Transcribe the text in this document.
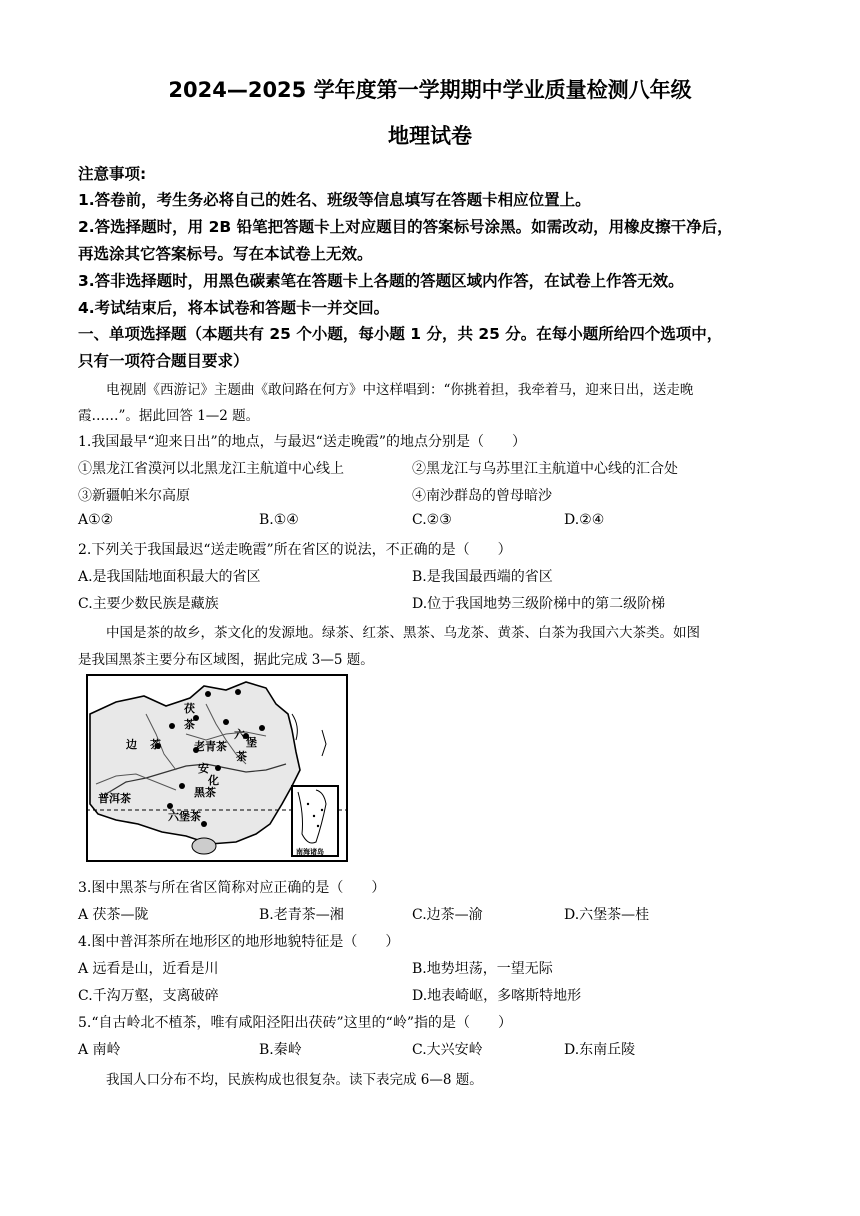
2024—2025 学年度第一学期期中学业质量检测八年级
地理试卷
注意事项:
1.答卷前，考生务必将自己的姓名、班级等信息填写在答题卡相应位置上。
2.答选择题时，用 2B 铅笔把答题卡上对应题目的答案标号涂黑。如需改动，用橡皮擦干净后，
再选涂其它答案标号。写在本试卷上无效。
3.答非选择题时，用黑色碳素笔在答题卡上各题的答题区域内作答，在试卷上作答无效。
4.考试结束后，将本试卷和答题卡一并交回。
一、单项选择题（本题共有 25 个小题，每小题 1 分，共 25 分。在每小题所给四个选项中，
只有一项符合题目要求）
电视剧《西游记》主题曲《敢问路在何方》中这样唱到：“你挑着担，我牵着马，迎来日出，送走晚
霞……”。据此回答 1—2 题。
1.我国最早“迎来日出”的地点，与最迟“送走晚霞”的地点分别是（　　）
①黑龙江省漠河以北黑龙江主航道中心线上	②黑龙江与乌苏里江主航道中心线的汇合处
③新疆帕米尔高原	④南沙群岛的曾母暗沙
A①②	B.①④	C.②③	D.②④
2.下列关于我国最迟“送走晚霞”所在省区的说法，不正确的是（　　）
A.是我国陆地面积最大的省区	B.是我国最西端的省区
C.主要少数民族是藏族	D.位于我国地势三级阶梯中的第二级阶梯
中国是茶的故乡，茶文化的发源地。绿茶、红茶、黑茶、乌龙茶、黄茶、白茶为我国六大茶类。如图
是我国黑茶主要分布区域图，据此完成 3—5 题。
茯
茶
边 茶	老青茶
六
堡
茶
安
化
黑茶
普洱茶
六堡茶
南海诸岛
3.图中黑茶与所在省区简称对应正确的是（　　）
A 茯茶—陇	B.老青茶—湘	C.边茶—渝	D.六堡茶—桂
4.图中普洱茶所在地形区的地形地貌特征是（　　）
A 远看是山，近看是川	B.地势坦荡，一望无际
C.千沟万壑，支离破碎	D.地表崎岖，多喀斯特地形
5.“自古岭北不植茶，唯有咸阳泾阳出茯砖”这里的“岭”指的是（　　）
A 南岭	B.秦岭	C.大兴安岭	D.东南丘陵
我国人口分布不均，民族构成也很复杂。读下表完成 6—8 题。
